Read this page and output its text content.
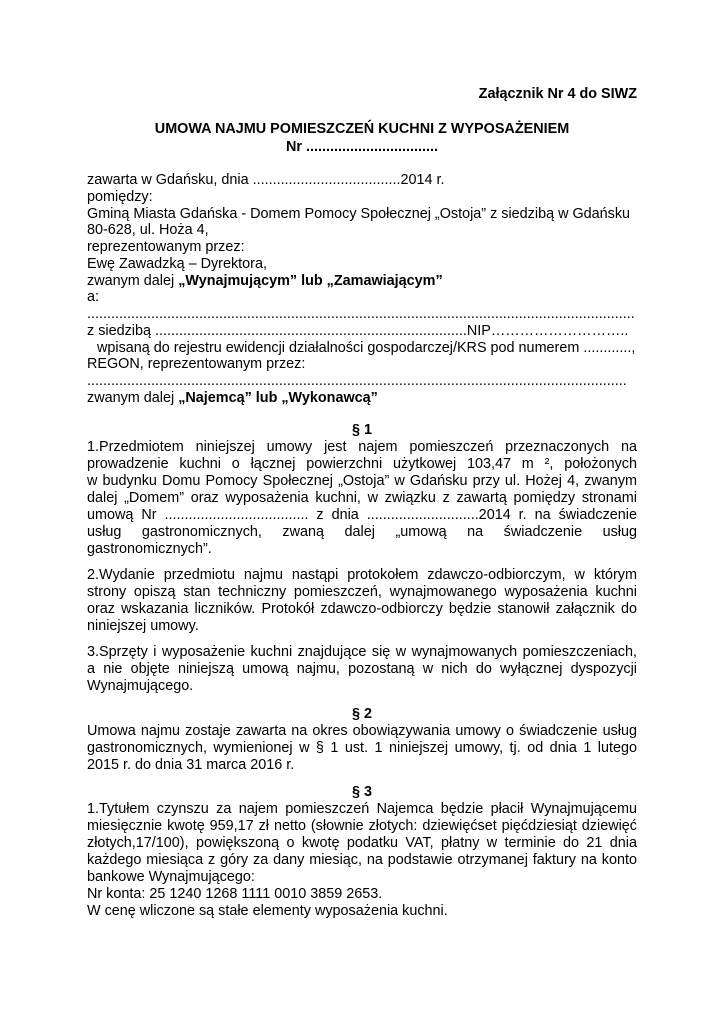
Załącznik Nr 4 do SIWZ
UMOWA NAJMU POMIESZCZEŃ KUCHNI Z WYPOSAŻENIEM
Nr .................................
zawarta w Gdańsku, dnia .....................................2014 r.
pomiędzy:
Gminą Miasta Gdańska - Domem Pomocy Społecznej „Ostoja” z siedzibą w Gdańsku
80-628, ul. Hoża 4,
reprezentowanym przez:
Ewę Zawadzką – Dyrektora,
zwanym dalej „Wynajmującym” lub „Zamawiającym”
a:
.........................................................................................................................................
z siedzibą ..............................................................................NIP………………………..
wpisaną do rejestru ewidencji działalności gospodarczej/KRS pod numerem ............,
REGON, reprezentowanym przez:
.......................................................................................................................................
zwanym dalej „Najemcą” lub „Wykonawcą”
§ 1
1.Przedmiotem niniejszej umowy jest najem pomieszczeń przeznaczonych na
prowadzenie kuchni o łącznej powierzchni użytkowej 103,47 m ², położonych
w budynku Domu Pomocy Społecznej „Ostoja” w Gdańsku przy ul. Hożej 4, zwanym
dalej „Domem” oraz wyposażenia kuchni, w związku z zawartą pomiędzy stronami
umową Nr .................................... z dnia ............................2014 r. na świadczenie
usług gastronomicznych, zwaną dalej „umową na świadczenie usług
gastronomicznych”.
2.Wydanie przedmiotu najmu nastąpi protokołem zdawczo-odbiorczym, w którym
strony opiszą stan techniczny pomieszczeń, wynajmowanego wyposażenia kuchni
oraz wskazania liczników. Protokół zdawczo-odbiorczy będzie stanowił załącznik do
niniejszej umowy.
3.Sprzęty i wyposażenie kuchni znajdujące się w wynajmowanych pomieszczeniach,
a nie objęte niniejszą umową najmu, pozostaną w nich do wyłącznej dyspozycji
Wynajmującego.
§ 2
Umowa najmu zostaje zawarta na okres obowiązywania umowy o świadczenie usług
gastronomicznych, wymienionej w § 1 ust. 1 niniejszej umowy, tj. od dnia 1 lutego
2015 r. do dnia 31 marca 2016 r.
§ 3
1.Tytułem czynszu za najem pomieszczeń Najemca będzie płacił Wynajmującemu
miesięcznie kwotę 959,17 zł netto (słownie złotych: dziewięćset pięćdziesiąt dziewięć
złotych,17/100), powiększoną o kwotę podatku VAT, płatny w terminie do 21 dnia
każdego miesiąca z góry za dany miesiąc, na podstawie otrzymanej faktury na konto
bankowe Wynajmującego:
Nr konta: 25 1240 1268 1111 0010 3859 2653.
W cenę wliczone są stałe elementy wyposażenia kuchni.
